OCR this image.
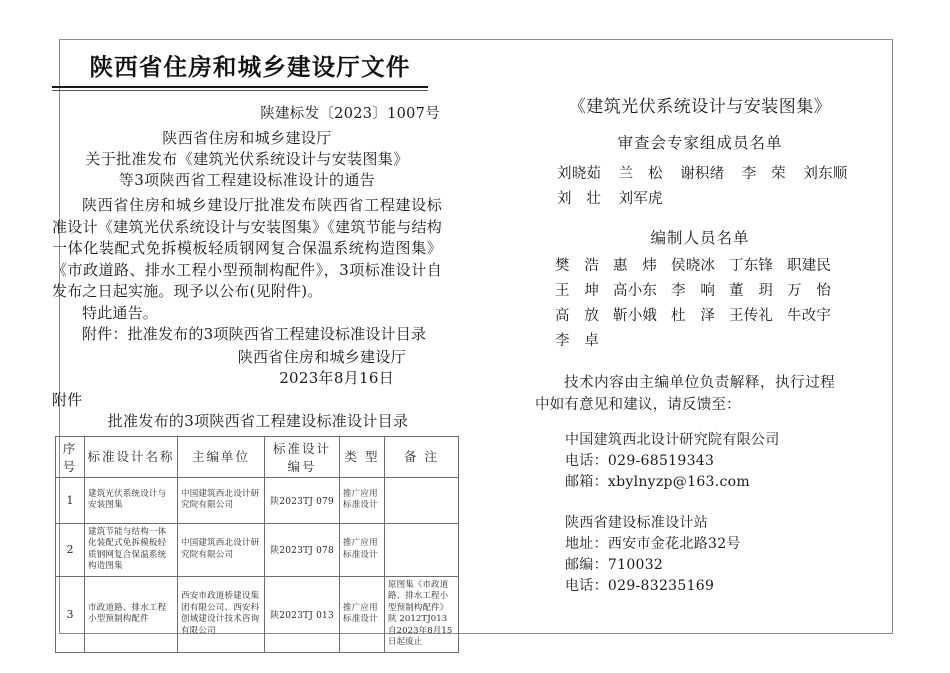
陕西省住房和城乡建设厅文件
陕建标发〔2023〕1007号
陕西省住房和城乡建设厅
关于批准发布《建筑光伏系统设计与安装图集》
等3项陕西省工程建设标准设计的通告
陕西省住房和城乡建设厅批准发布陕西省工程建设标准设计《建筑光伏系统设计与安装图集》《建筑节能与结构一体化装配式免拆模板轻质钢网复合保温系统构造图集》《市政道路、排水工程小型预制构配件》，3项标准设计自发布之日起实施。现予以公布(见附件)。
特此通告。
附件：批准发布的3项陕西省工程建设标准设计目录
陕西省住房和城乡建设厅
2023年8月16日
附件
批准发布的3项陕西省工程建设标准设计目录
序号	标准设计名称	主编单位	标准设计编号	类 型	备 注
1	建筑光伏系统设计与安装图集	中国建筑西北设计研究院有限公司	陕2023TJ 079	推广应用标准设计	
2	建筑节能与结构一体化装配式免拆模板轻质钢网复合保温系统构造图集	中国建筑西北设计研究院有限公司	陕2023TJ 078	推广应用标准设计	
3	市政道路、排水工程小型预制构配件	西安市政道桥建设集团有限公司、西安科创域建设计技术咨询有限公司	陕2023TJ 013	推广应用标准设计	原图集《市政道路、排水工程小型预制构配件》 陕 2012TJ013自2023年8月15日起废止
《建筑光伏系统设计与安装图集》
审查会专家组成员名单
刘晓茹	兰　松	谢积绪	李　荣	刘东顺
刘　壮	刘军虎
编制人员名单
樊　浩 惠　炜 侯晓冰 丁东锋 职建民
王　坤 高小东 李　响 董　玥 万　怡
高　放 靳小娥 杜　泽 王传礼 牛改宇
李　卓
技术内容由主编单位负责解释，执行过程中如有意见和建议，请反馈至：
中国建筑西北设计研究院有限公司
电话：029-68519343
邮箱：xbylnyzp@163.com
陕西省建设标准设计站
地址：西安市金花北路32号
邮编：710032
电话：029-83235169
